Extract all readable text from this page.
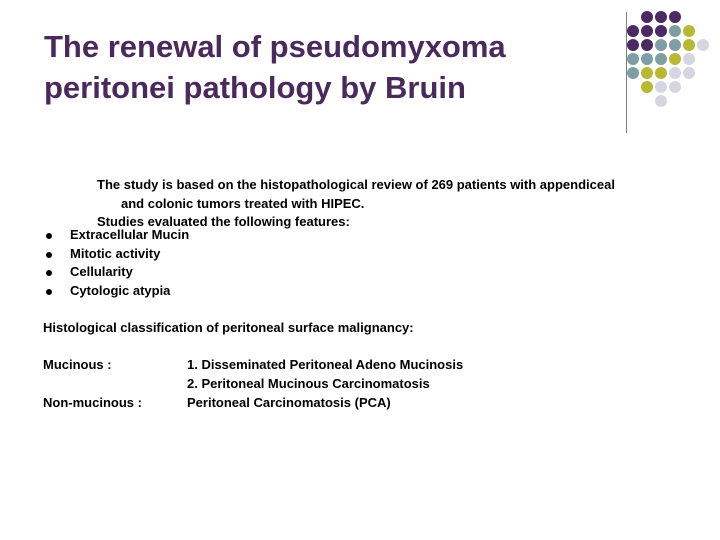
The renewal of pseudomyxoma
peritonei pathology by Bruin
The study is based on the histopathological review of 269 patients with appendiceal
and colonic tumors treated with HIPEC.
Studies evaluated the following features:
Extracellular Mucin
Mitotic activity
Cellularity
Cytologic atypia
Histological classification of peritoneal surface malignancy:
Mucinous :	1. Disseminated Peritoneal Adeno Mucinosis
2. Peritoneal Mucinous Carcinomatosis
Non-mucinous :	Peritoneal Carcinomatosis (PCA)
